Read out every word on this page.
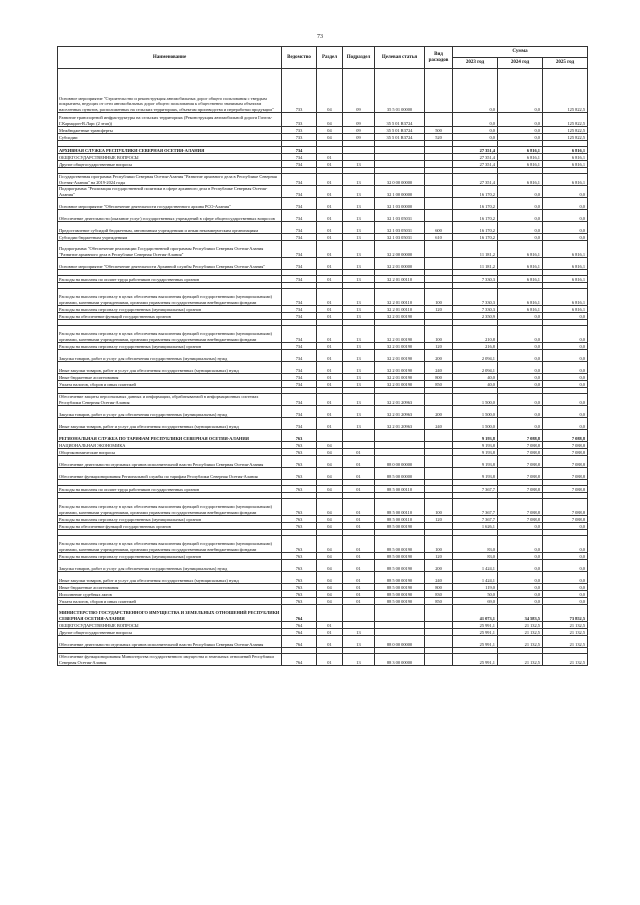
73
Наименование	Ведомство	Раздел	Подраздел	Целевая статья	Вид расходов	Сумма		
						2023 год	2024 год	2025 год
Основное мероприятие "Строительство и реконструкция автомобильных дорог общего пользования с твердым покрытием, ведущих от сети автомобильных дорог общего пользования к общественно значимым объектам населенных пунктов, расположенных на сельских территориях, объектам производства и переработки продукции"	733	04	09	35 5 01 00000		0,0	0,0	125 822,5
Развитие транспортной инфраструктуры на сельских территориях (Реконструкция автомобильной дороги Гизель-Г.Кармадон-В.Ларс (2 этап))	733	04	09	35 5 01 R3724		0,0	0,0	125 822,5
Межбюджетные трансферты	733	04	09	35 5 01 R3724	500	0,0	0,0	125 822,5
Субсидии	733	04	09	35 5 01 R3724	520	0,0	0,0	125 822,5

АРХИВНАЯ СЛУЖБА РЕСПУБЛИКИ СЕВЕРНАЯ ОСЕТИЯ-АЛАНИЯ	734					27 351,4	6 816,1	6 816,1
ОБЩЕГОСУДАРСТВЕННЫЕ ВОПРОСЫ	734	01				27 351,4	6 816,1	6 816,1
Другие общегосударственные вопросы	734	01	13			27 351,4	6 816,1	6 816,1

Государственная программа Республики Северная Осетия-Алания "Развитие архивного дела в Республике Северная Осетия-Алания" на 2019-2024 годы	734	01	13	32 0 00 00000		27 351,4	6 816,1	6 816,1
Подпрограмма "Реализация государственной политики в сфере архивного дела в Республике Северная Осетия-Алания"	734	01	13	32 1 00 00000		16 170,2	0,0	0,0
Основное мероприятие "Обеспечение деятельности государственного архива РСО-Алания"	734	01	13	32 1 03 00000		16 170,2	0,0	0,0
Обеспечение деятельности (оказание услуг) государственных учреждений в сфере общегосударственных вопросов	734	01	13	32 1 03 05031		16 170,2	0,0	0,0
Предоставление субсидий бюджетным, автономным учреждениям и иным некоммерческим организациям	734	01	13	32 1 03 05031	600	16 170,2	0,0	0,0
Субсидии бюджетным учреждениям	734	01	13	32 1 03 05031	610	16 170,2	0,0	0,0
Подпрограмма "Обеспечение реализации Государственной программы Республики Северная Осетия-Алания "Развитие архивного дела в Республике Северная Осетия-Алания"	734	01	13	32 2 00 00000		11 181,2	6 816,1	6 816,1
Основное мероприятие "Обеспечение деятельности Архивной службы Республики Северная Осетия-Алания"	734	01	13	32 2 01 00000		11 181,2	6 816,1	6 816,1

Расходы на выплаты по оплате труда работников государственных органов	734	01	13	32 2 01 00110		7 330,3	6 816,1	6 816,1

Расходы на выплаты персоналу в целях обеспечения выполнения функций государственными (муниципальными) органами, казенными учреждениями, органами управления государственными внебюджетными фондами	734	01	13	32 2 01 00110	100	7 330,3	6 816,1	6 816,1
Расходы на выплаты персоналу государственных (муниципальных) органов	734	01	13	32 2 01 00110	120	7 330,3	6 816,1	6 816,1
Расходы на обеспечение функций государственных органов	734	01	13	32 2 01 00190		2 350,9	0,0	0,0

Расходы на выплаты персоналу в целях обеспечения выполнения функций государственными (муниципальными) органами, казенными учреждениями, органами управления государственными внебюджетными фондами	734	01	13	32 2 01 00190	100	210,8	0,0	0,0
Расходы на выплаты персоналу государственных (муниципальных) органов	734	01	13	32 2 01 00190	120	216,8	0,0	0,0
Закупка товаров, работ и услуг для обеспечения государственных (муниципальных) нужд	734	01	13	32 2 01 00190	200	2 094,1	0,0	0,0
Иные закупки товаров, работ и услуг для обеспечения государственных (муниципальных) нужд	734	01	13	32 2 01 00190	240	2 094,1	0,0	0,0
Иные бюджетные ассигнования	734	01	13	32 2 01 00190	800	40,0	0,0	0,0
Уплата налогов, сборов и иных платежей	734	01	13	32 2 01 00190	850	40,0	0,0	0,0

Обеспечение защиты персональных данных и информации, обрабатываемой в информационных системах Республики Северная Осетия-Алания	734	01	13	32 2 01 20963		1 500,0	0,0	0,0
Закупка товаров, работ и услуг для обеспечения государственных (муниципальных) нужд	734	01	13	32 2 01 20963	200	1 500,0	0,0	0,0
Иные закупки товаров, работ и услуг для обеспечения государственных (муниципальных) нужд	734	01	13	32 2 01 20963	240	1 500,0	0,0	0,0
РЕГИОНАЛЬНАЯ СЛУЖБА ПО ТАРИФАМ РЕСПУБЛИКИ СЕВЕРНАЯ ОСЕТИЯ-АЛАНИЯ	763					9 193,8	7 088,8	7 088,8
НАЦИОНАЛЬНАЯ ЭКОНОМИКА	763	04				9 193,8	7 088,8	7 088,8
Общеэкономические вопросы	763	04	01			9 193,8	7 088,8	7 088,8
Обеспечение деятельности отдельных органов исполнительной власти Республики Северная Осетия-Алания	763	04	01	88 0 00 00000		9 193,8	7 088,8	7 088,8
Обеспечение функционирования Региональной службы по тарифам Республики Северная Осетия-Алания	763	04	01	88 5 00 00000		9 193,8	7 088,8	7 088,8

Расходы на выплаты по оплате труда работников государственных органов	763	04	01	88 5 00 00110		7 367,7	7 088,8	7 088,8

Расходы на выплаты персоналу в целях обеспечения выполнения функций государственными (муниципальными) органами, казенными учреждениями, органами управления государственными внебюджетными фондами	763	04	01	88 5 00 00110	100	7 367,7	7 088,8	7 088,8
Расходы на выплаты персоналу государственных (муниципальных) органов	763	04	01	88 5 00 00110	120	7 367,7	7 088,8	7 088,8
Расходы на обеспечение функций государственных органов	763	04	01	88 5 00 00190		1 626,1	0,0	0,0

Расходы на выплаты персоналу в целях обеспечения выполнения функций государственными (муниципальными) органами, казенными учреждениями, органами управления государственными внебюджетными фондами	763	04	01	88 5 00 00190	100	83,0	0,0	0,0
Расходы на выплаты персоналу государственных (муниципальных) органов	763	04	01	88 5 00 00190	120	83,0	0,0	0,0
Закупка товаров, работ и услуг для обеспечения государственных (муниципальных) нужд	763	04	01	88 5 00 00190	200	1 424,1	0,0	0,0
Иные закупки товаров, работ и услуг для обеспечения государственных (муниципальных) нужд	763	04	01	88 5 00 00190	240	1 424,1	0,0	0,0
Иные бюджетные ассигнования	763	04	01	88 5 00 00190	800	119,0	0,0	0,0
Исполнение судебных актов	763	04	01	88 5 00 00190	830	50,0	0,0	0,0
Уплата налогов, сборов и иных платежей	763	04	01	88 5 00 00190	850	69,0	0,0	0,0
МИНИСТЕРСТВО ГОСУДАРСТВЕННОГО ИМУЩЕСТВА И ЗЕМЕЛЬНЫХ ОТНОШЕНИЙ РЕСПУБЛИКИ СЕВЕРНАЯ ОСЕТИЯ-АЛАНИЯ	764					41 073,1	34 583,5	73 852,5
ОБЩЕГОСУДАРСТВЕННЫЕ ВОПРОСЫ	764	01				25 991,1	21 132,5	21 132,5
Другие общегосударственные вопросы	764	01	13			25 991,1	21 132,5	21 132,5
Обеспечение деятельности отдельных органов исполнительной власти Республики Северная Осетия-Алания	764	01	13	88 0 00 00000		25 991,1	21 132,5	21 132,5

Обеспечение функционирования Министерства государственного имущества и земельных отношений Республики Северная Осетия-Алания	764	01	13	88 3 00 00000		25 991,1	21 132,5	21 132,5
